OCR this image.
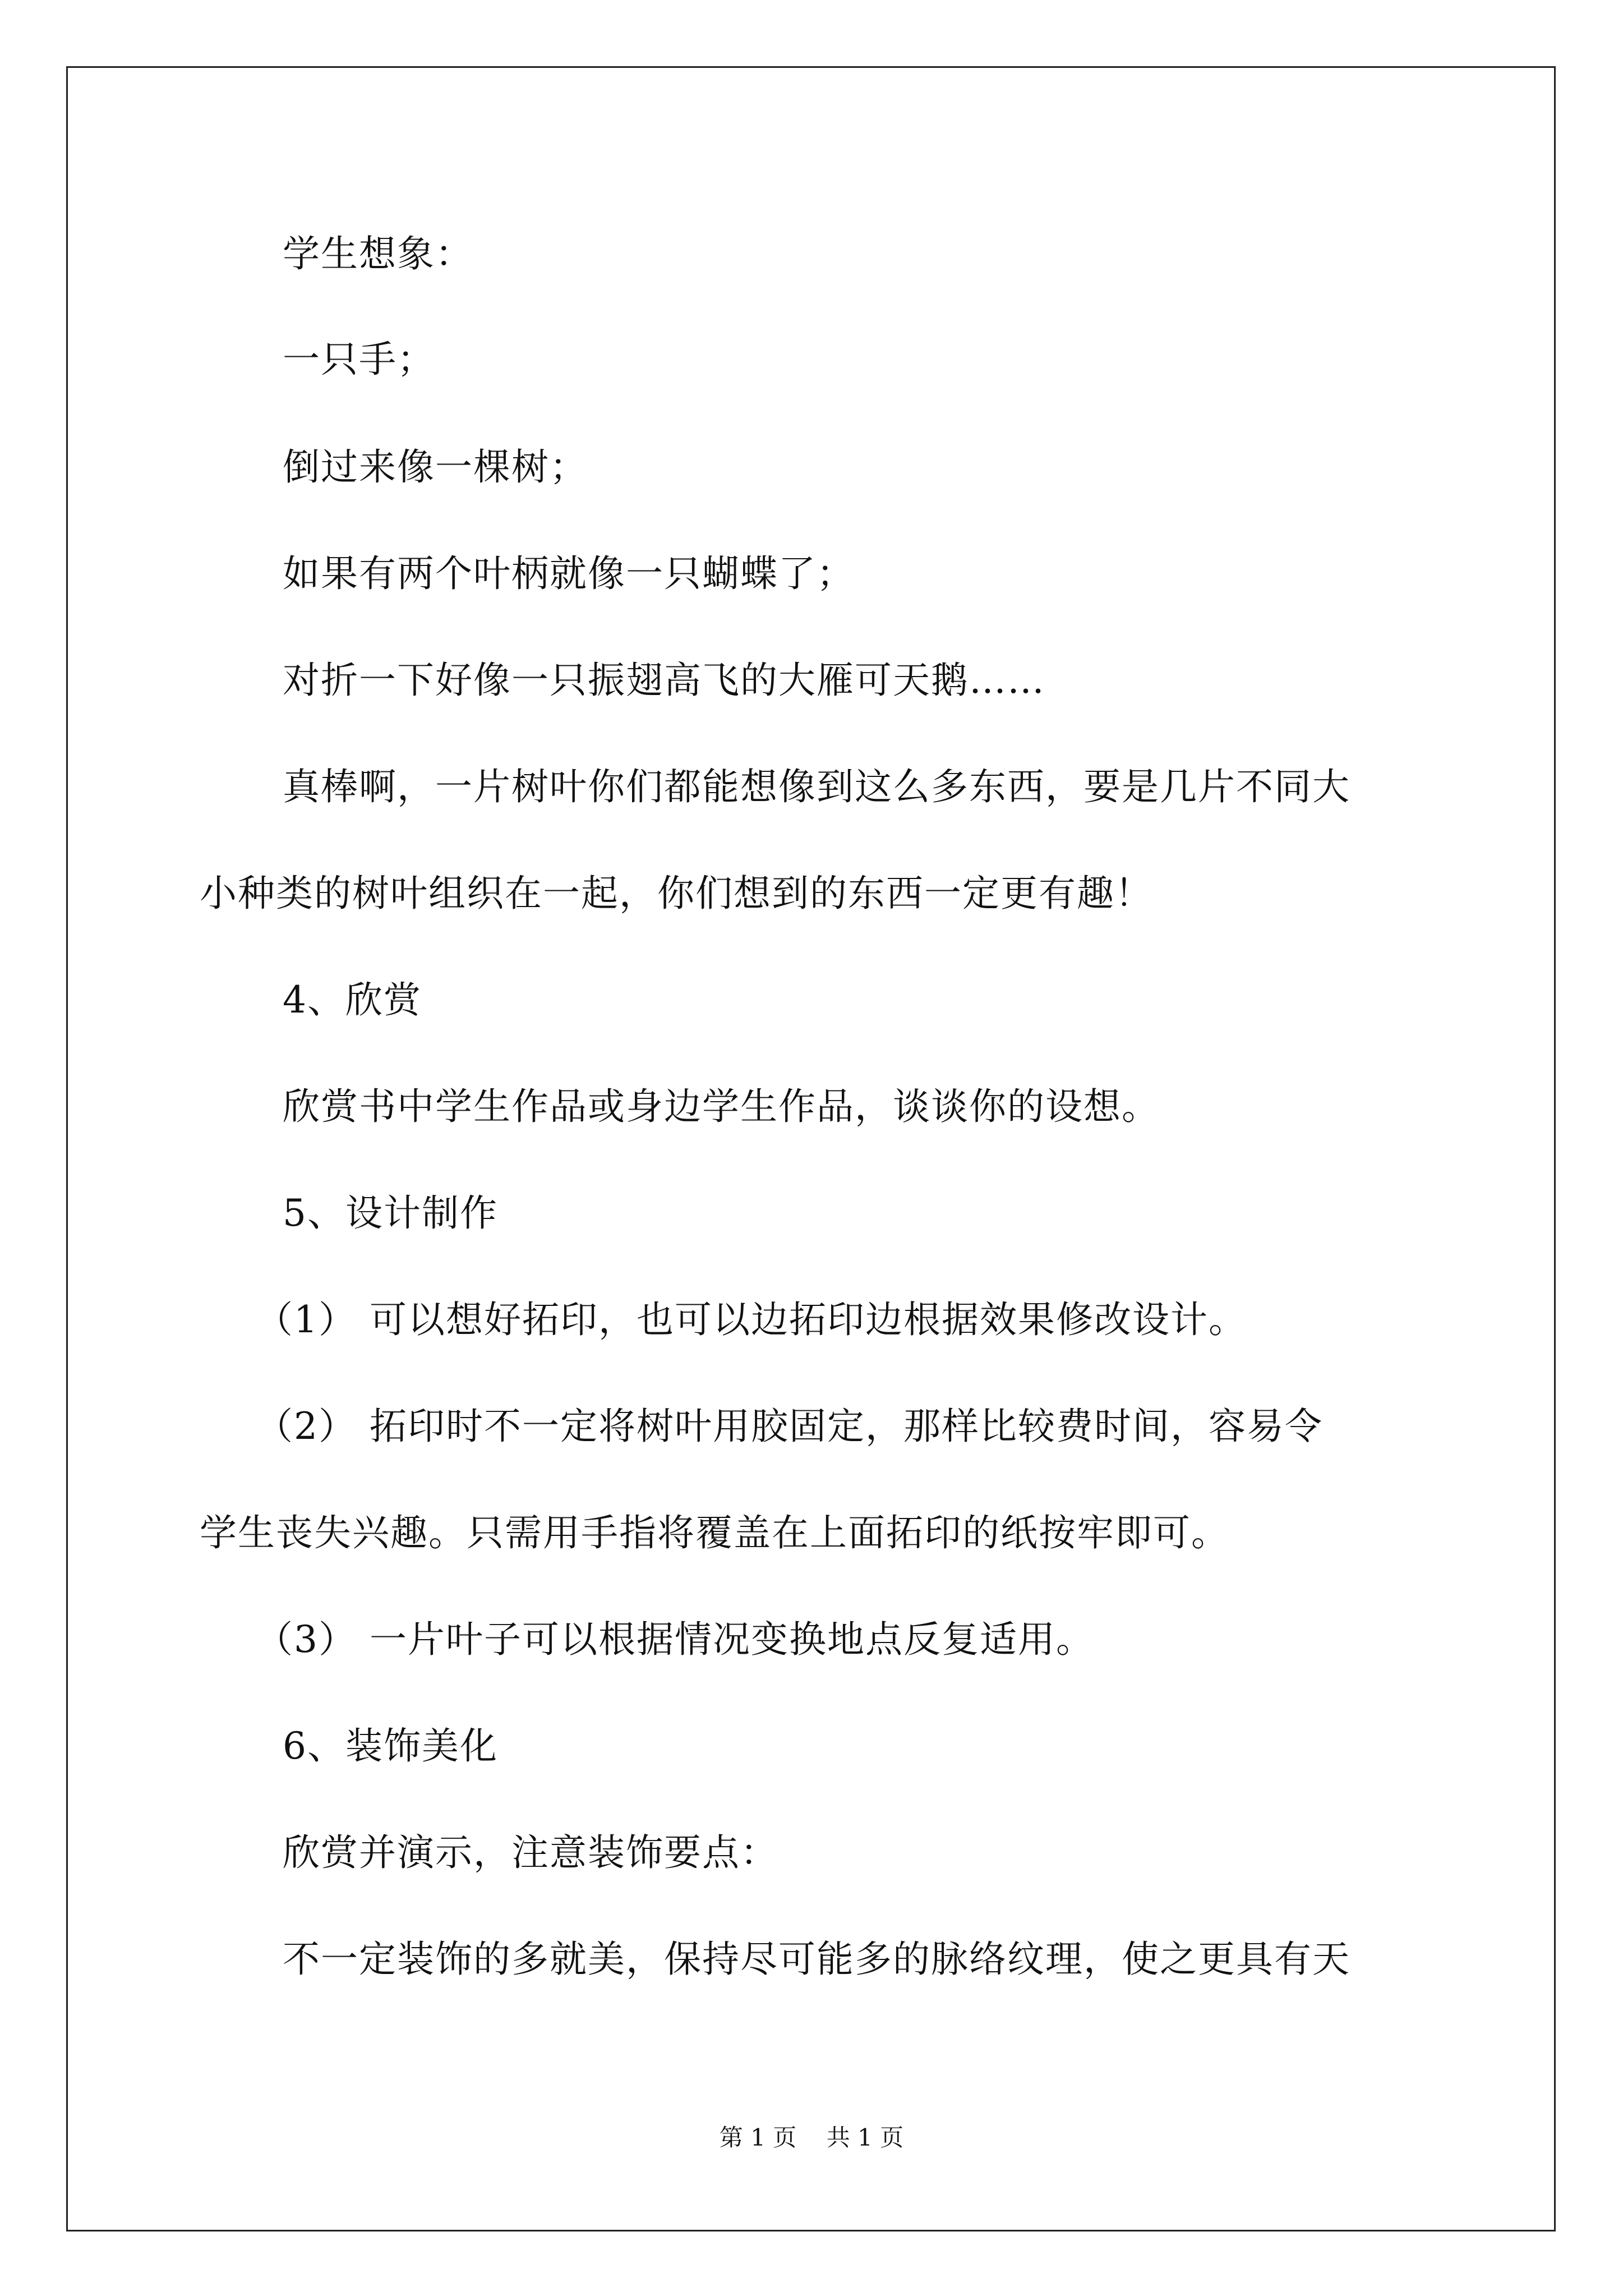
学生想象：
一只手；
倒过来像一棵树；
如果有两个叶柄就像一只蝴蝶了；
对折一下好像一只振翅高飞的大雁可天鹅……
真棒啊，一片树叶你们都能想像到这么多东西，要是几片不同大
小种类的树叶组织在一起，你们想到的东西一定更有趣！
4、欣赏
欣赏书中学生作品或身边学生作品，谈谈你的设想。
5、设计制作
（1） 可以想好拓印，也可以边拓印边根据效果修改设计。
（2） 拓印时不一定将树叶用胶固定，那样比较费时间，容易令
学生丧失兴趣。只需用手指将覆盖在上面拓印的纸按牢即可。
（3） 一片叶子可以根据情况变换地点反复适用。
6、装饰美化
欣赏并演示，注意装饰要点：
不一定装饰的多就美，保持尽可能多的脉络纹理，使之更具有天
第 1 页    共 1 页
